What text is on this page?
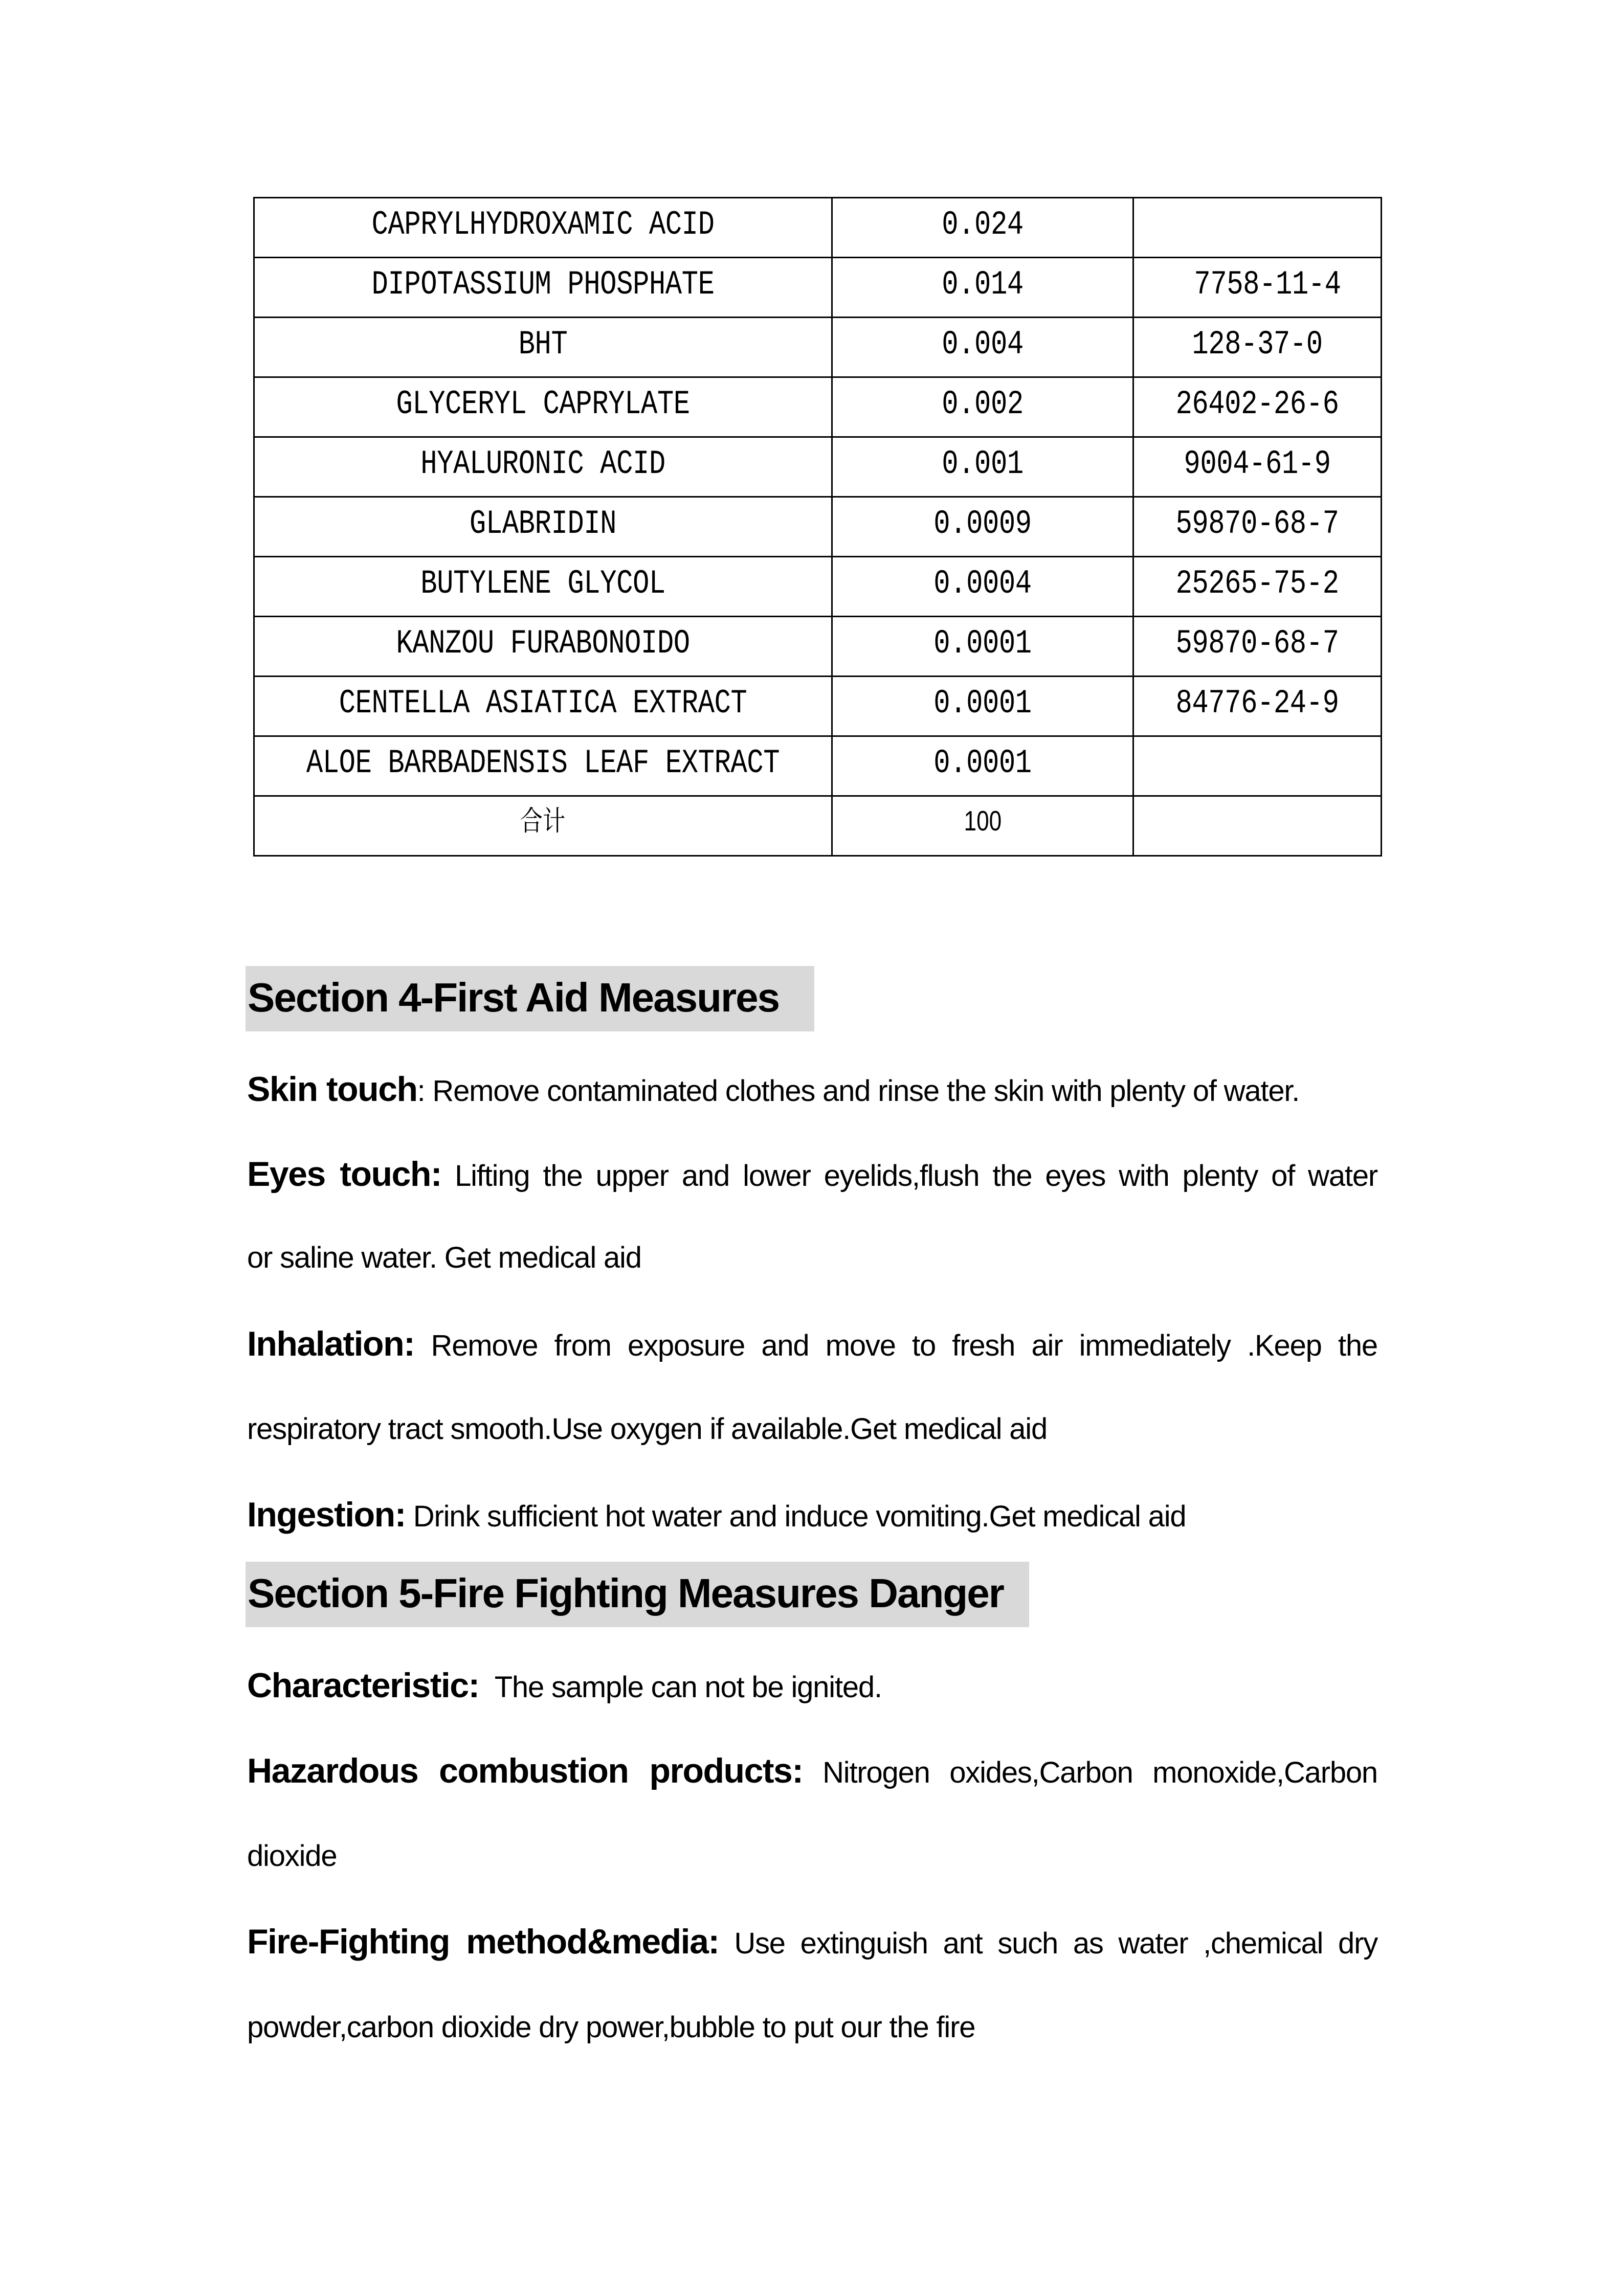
CAPRYLHYDROXAMIC ACID	0.024	
DIPOTASSIUM PHOSPHATE	0.014	7758-11-4
BHT	0.004	128-37-0
GLYCERYL CAPRYLATE	0.002	26402-26-6
HYALURONIC ACID	0.001	9004-61-9
GLABRIDIN	0.0009	59870-68-7
BUTYLENE GLYCOL	0.0004	25265-75-2
KANZOU FURABONOIDO	0.0001	59870-68-7
CENTELLA ASIATICA EXTRACT	0.0001	84776-24-9
ALOE BARBADENSIS LEAF EXTRACT	0.0001	
合计	100	
Section 4-First Aid Measures
Skin touch: Remove contaminated clothes and rinse the skin with plenty of water.
Eyes touch: Lifting the upper and lower eyelids,flush the eyes with plenty of water
or saline water. Get medical aid
Inhalation: Remove from exposure and move to fresh air immediately .Keep the
respiratory tract smooth.Use oxygen if available.Get medical aid
Ingestion: Drink sufficient hot water and induce vomiting.Get medical aid
Section 5-Fire Fighting Measures Danger
Characteristic: The sample can not be ignited.
Hazardous combustion products: Nitrogen oxides,Carbon monoxide,Carbon
dioxide
Fire-Fighting method&media: Use extinguish ant such as water ,chemical dry
powder,carbon dioxide dry power,bubble to put our the fire
